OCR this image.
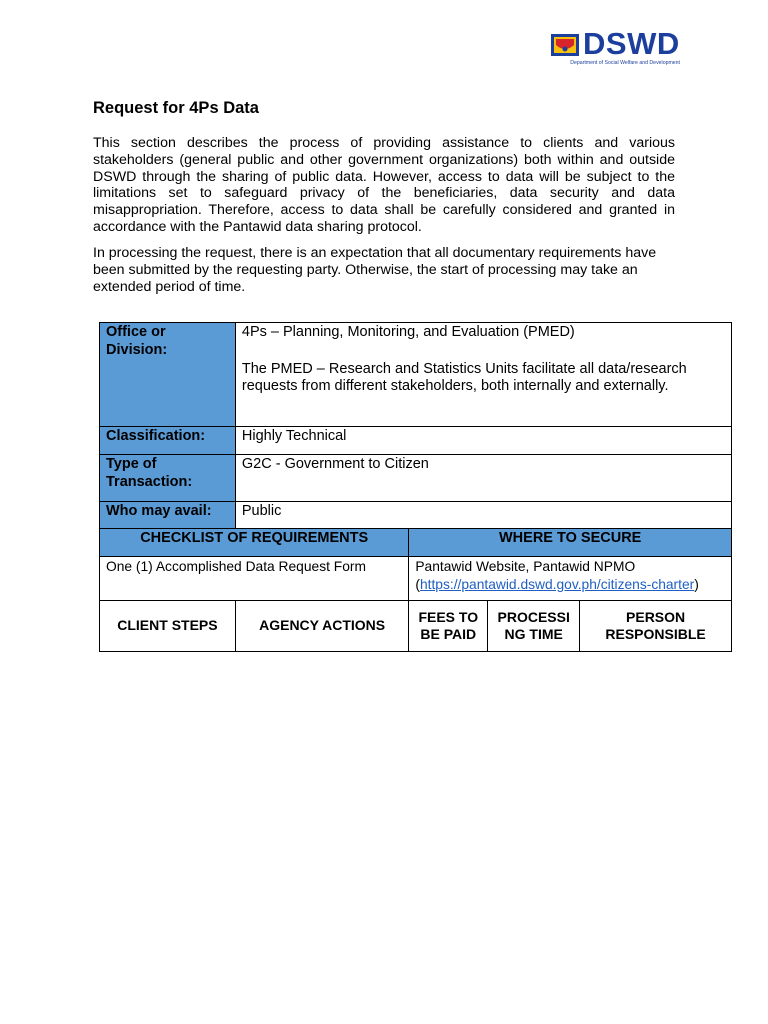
DSWD
Department of Social Welfare and Development
Request for 4Ps Data

This section describes the process of providing assistance to clients and various stakeholders (general public and other government organizations) both within and outside DSWD through the sharing of public data. However, access to data will be subject to the limitations set to safeguard privacy of the beneficiaries, data security and data misappropriation. Therefore, access to data shall be carefully considered and granted in accordance with the Pantawid data sharing protocol.

In processing the request, there is an expectation that all documentary requirements have been submitted by the requesting party. Otherwise, the start of processing may take an extended period of time.

Office or Division:	4Ps – Planning, Monitoring, and Evaluation (PMED)
The PMED – Research and Statistics Units facilitate all data/research requests from different stakeholders, both internally and externally.			
Classification:	Highly Technical			
Type of Transaction:	G2C - Government to Citizen			
Who may avail:	Public			
CHECKLIST OF REQUIREMENTS		WHERE TO SECURE		
One (1) Accomplished Data Request Form		Pantawid Website, Pantawid NPMO
(https://pantawid.dswd.gov.ph/citizens-charter)		
CLIENT STEPS	AGENCY ACTIONS	FEES TO BE PAID	PROCESSI NG TIME	PERSON RESPONSIBLE
